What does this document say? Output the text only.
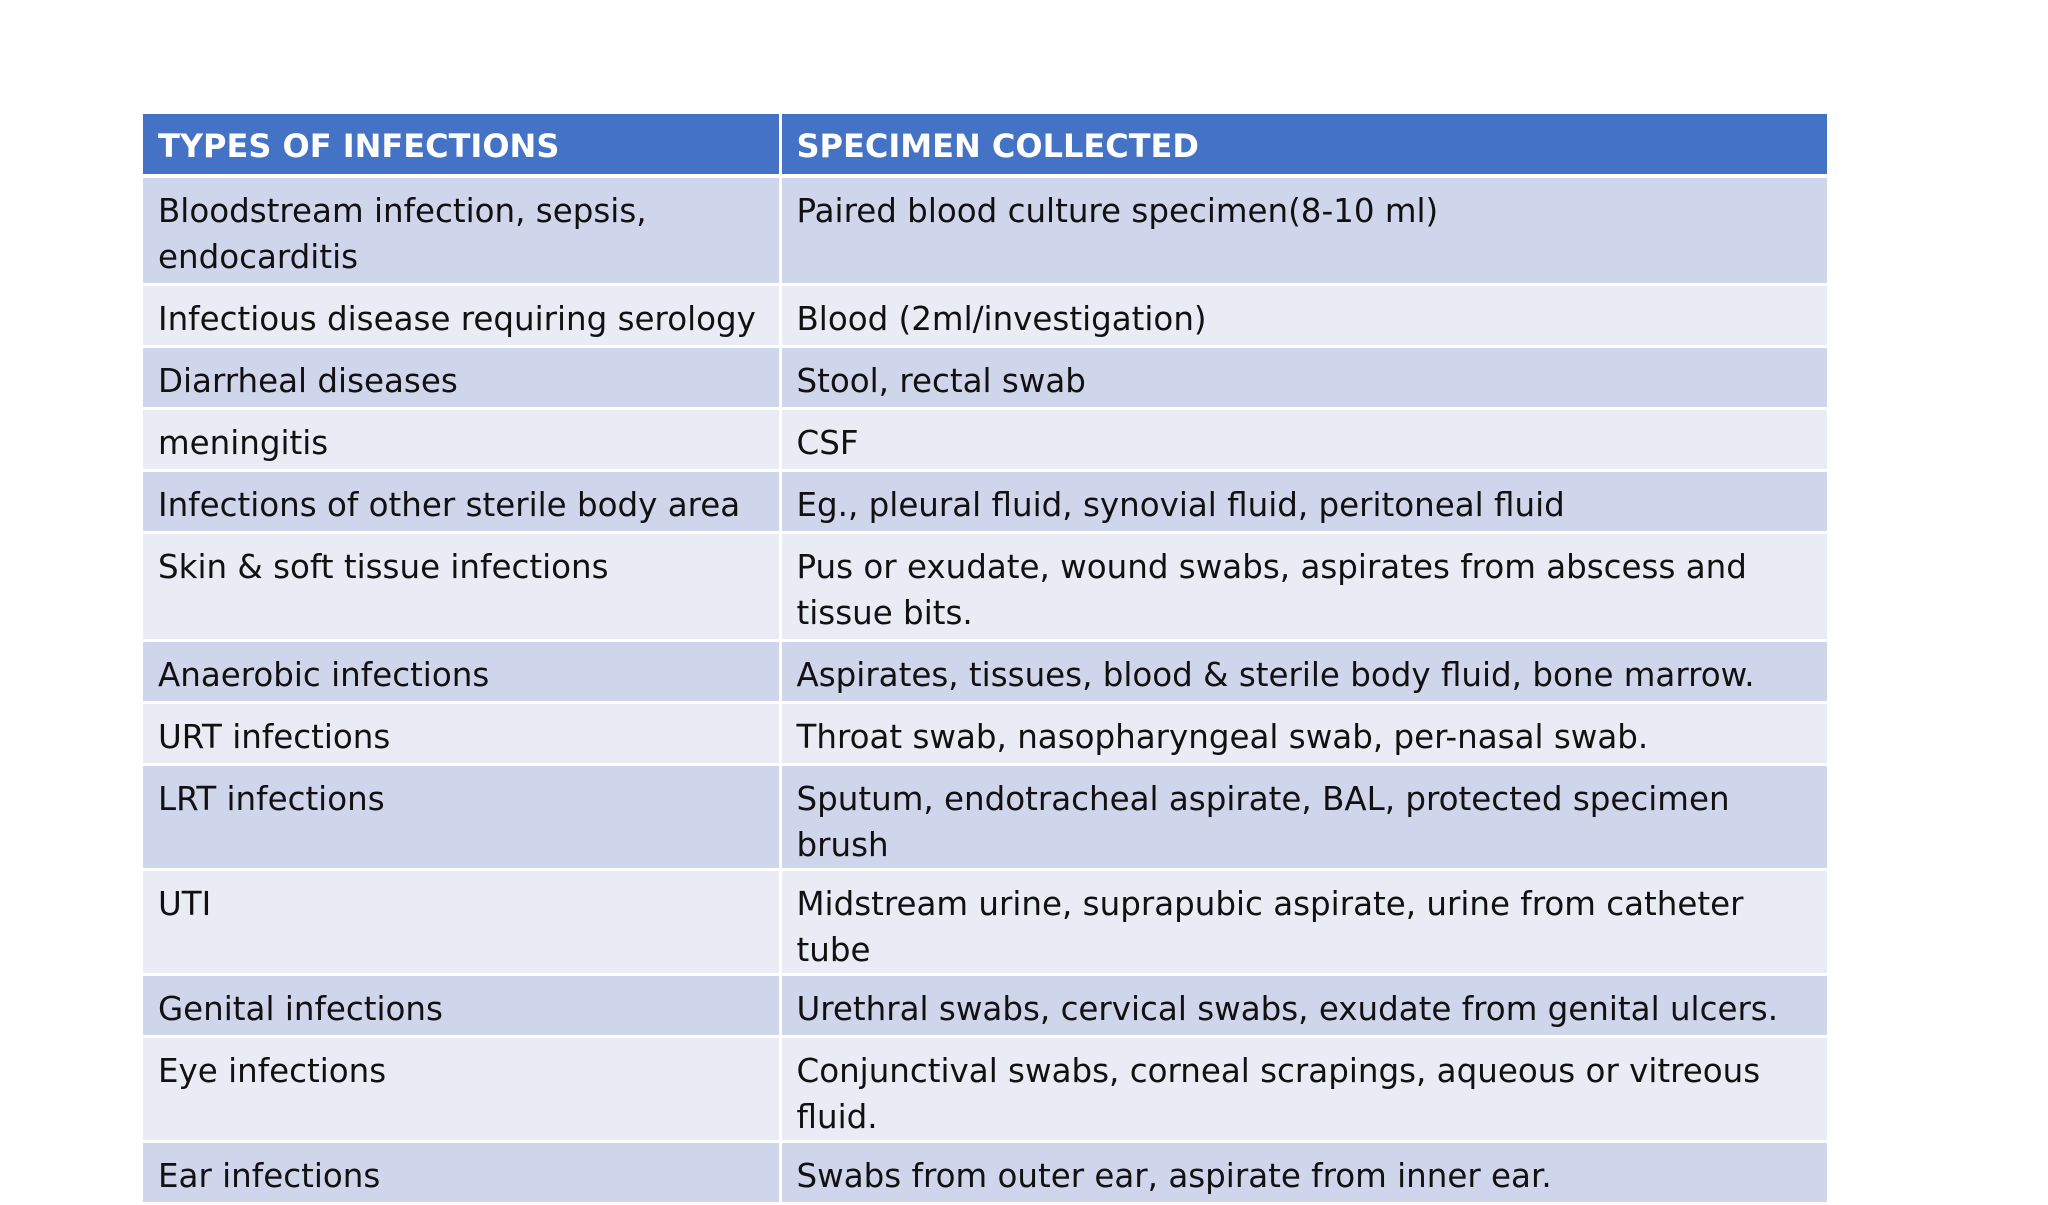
TYPES OF INFECTIONS	SPECIMEN COLLECTED
Bloodstream infection, sepsis, endocarditis	Paired blood culture specimen(8-10 ml)
Infectious disease requiring serology	Blood (2ml/investigation)
Diarrheal diseases	Stool, rectal swab
meningitis	CSF
Infections of other sterile body area	Eg., pleural fluid, synovial fluid, peritoneal fluid
Skin & soft tissue infections	Pus or exudate, wound swabs, aspirates from abscess and tissue bits.
Anaerobic infections	Aspirates, tissues, blood & sterile body fluid, bone marrow.
URT infections	Throat swab, nasopharyngeal swab, per-nasal swab.
LRT infections	Sputum, endotracheal aspirate, BAL, protected specimen brush
UTI	Midstream urine, suprapubic aspirate, urine from catheter tube
Genital infections	Urethral swabs, cervical swabs, exudate from genital ulcers.
Eye infections	Conjunctival swabs, corneal scrapings, aqueous or vitreous fluid.
Ear infections	Swabs from outer ear, aspirate from inner ear.
